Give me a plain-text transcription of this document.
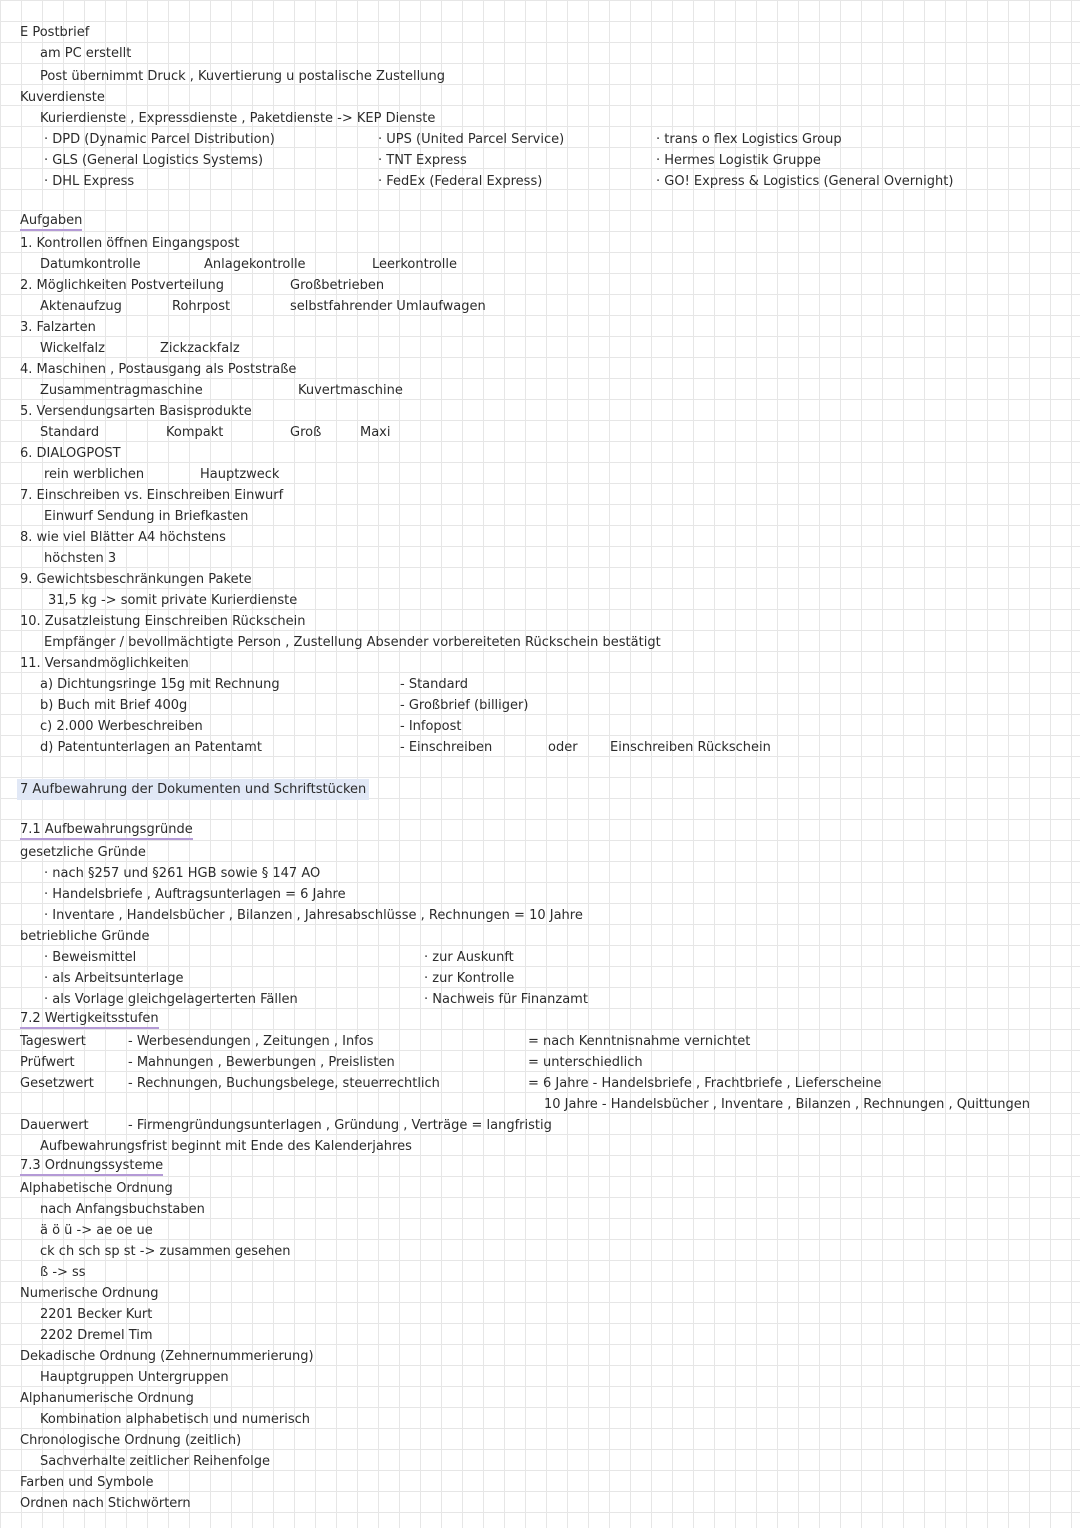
E Postbrief
am PC erstellt
Post übernimmt Druck , Kuvertierung u postalische Zustellung
Kuverdienste
Kurierdienste , Expressdienste , Paketdienste -> KEP Dienste
· DPD (Dynamic Parcel Distribution)	· UPS (United Parcel Service)	· trans o flex Logistics Group
· GLS (General Logistics Systems)	· TNT Express	· Hermes Logistik Gruppe
· DHL Express	· FedEx (Federal Express)	· GO! Express & Logistics (General Overnight)
Aufgaben
1. Kontrollen öffnen Eingangspost
Datumkontrolle	Anlagekontrolle	Leerkontrolle
2. Möglichkeiten Postverteilung	Großbetrieben
Aktenaufzug	Rohrpost	selbstfahrender Umlaufwagen
3. Falzarten
Wickelfalz	Zickzackfalz
4. Maschinen , Postausgang als Poststraße
Zusammentragmaschine	Kuvertmaschine
5. Versendungsarten Basisprodukte
Standard	Kompakt	Groß	Maxi
6. DIALOGPOST
rein werblichen	Hauptzweck
7. Einschreiben vs. Einschreiben Einwurf
Einwurf Sendung in Briefkasten
8. wie viel Blätter A4 höchstens
höchsten 3
9. Gewichtsbeschränkungen Pakete
31,5 kg -> somit private Kurierdienste
10. Zusatzleistung Einschreiben Rückschein
Empfänger / bevollmächtigte Person , Zustellung Absender vorbereiteten Rückschein bestätigt
11. Versandmöglichkeiten
a) Dichtungsringe 15g mit Rechnung	- Standard
b) Buch mit Brief 400g	- Großbrief (billiger)
c) 2.000 Werbeschreiben	- Infopost
d) Patentunterlagen an Patentamt	- Einschreiben	oder Einschreiben Rückschein
7 Aufbewahrung der Dokumenten und Schriftstücken
7.1 Aufbewahrungsgründe
gesetzliche Gründe
· nach §257 und §261 HGB sowie § 147 AO
· Handelsbriefe , Auftragsunterlagen = 6 Jahre
· Inventare , Handelsbücher , Bilanzen , Jahresabschlüsse , Rechnungen = 10 Jahre
betriebliche Gründe
· Beweismittel	· zur Auskunft
· als Arbeitsunterlage	· zur Kontrolle
· als Vorlage gleichgelagerterten Fällen	· Nachweis für Finanzamt
7.2 Wertigkeitsstufen
Tageswert	- Werbesendungen , Zeitungen , Infos	= nach Kenntnisnahme vernichtet
Prüfwert	- Mahnungen , Bewerbungen , Preislisten	= unterschiedlich
Gesetzwert	- Rechnungen, Buchungsbelege, steuerrechtlich	= 6 Jahre - Handelsbriefe , Frachtbriefe , Lieferscheine
10 Jahre - Handelsbücher , Inventare , Bilanzen , Rechnungen , Quittungen
Dauerwert	- Firmengründungsunterlagen , Gründung , Verträge = langfristig
Aufbewahrungsfrist beginnt mit Ende des Kalenderjahres
7.3 Ordnungssysteme
Alphabetische Ordnung
nach Anfangsbuchstaben
ä ö ü -> ae oe ue
ck ch sch sp st -> zusammen gesehen
ß -> ss
Numerische Ordnung
2201 Becker Kurt
2202 Dremel Tim
Dekadische Ordnung (Zehnernummerierung)
Hauptgruppen Untergruppen
Alphanumerische Ordnung
Kombination alphabetisch und numerisch
Chronologische Ordnung (zeitlich)
Sachverhalte zeitlicher Reihenfolge
Farben und Symbole
Ordnen nach Stichwörtern
